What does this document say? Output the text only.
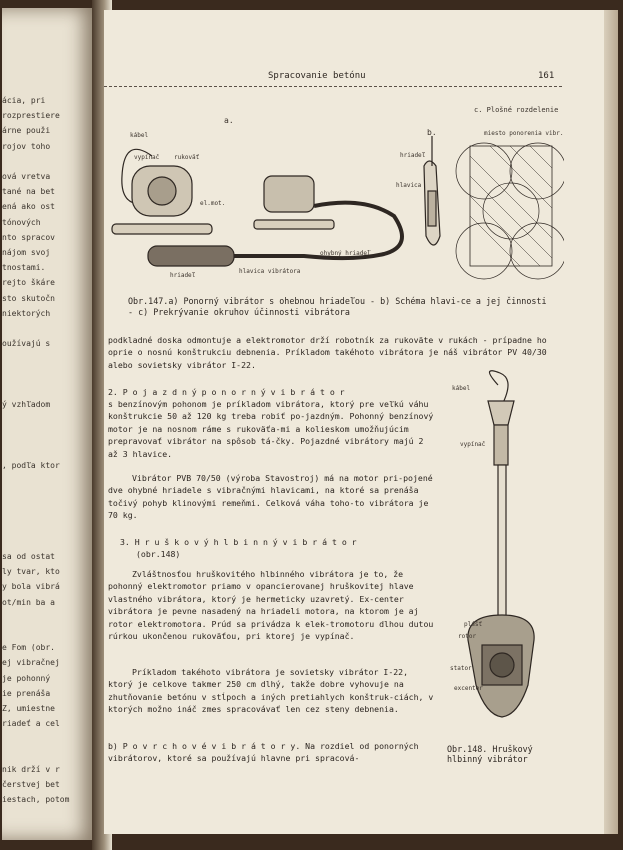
ácia, pri
rozprestiere
árne použi
rojov toho
ová vretva
tané na bet
ená ako ost
tónových
nto spracov
nájom svoj
tnostami.
rejto škáre
sto skutočn
niektorých
oužívajú s
ý vzhľadom
, podľa ktor
sa od ostat
ly tvar, kto
y bola vibrá
ot/min ba a
e Fom (obr.
ej vibračnej
je pohonný
ie prenáša
Z, umiestne
riadeť a cel
nik drží v r
čerstvej bet
iestach, potom
Spracovanie betónu	161
a.
b.
c. Plošné rozdelenie
miesto ponorenia vibr.
kábel
vypínač rukoväť
el.mot.
hriadeľ
hlavica vibrátora
ohybný hriadeľ
hriadeľ
hlavica
Obr.147.a) Ponorný vibrátor s ohebnou hriadeľou - b) Schéma hlavi-ce a jej činnosti - c) Prekrývanie okruhov účinnosti vibrátora
podkladné doska odmontuje a elektromotor drží robotník za rukoväte v rukách - prípadne ho oprie o nosnú konštrukciu debnenia. Príkladom takéhoto vibrátora je náš vibrátor PV 40/30 alebo sovietsky vibrátor I-22.
2. P o j a z d n ý p o n o r n ý v i b r á t o r
s benzínovým pohonom je príkladom vibrátora, ktorý pre veľkú váhu konštrukcie 50 až 120 kg treba robiť po-jazdným. Pohonný benzínový motor je na nosnom ráme s rukoväťa-mi a kolieskom umožňujúcim prepravovať vibrátor na spôsob tá-čky. Pojazdné vibrátory majú 2 až 3 hlavice.
Vibrátor PVB 70/50 (výroba Stavostroj) má na motor pri-pojené dve ohybné hriadele s vibračnými hlavicami, na ktoré sa prenáša točivý pohyb klinovými remeňmi. Celková váha toho-to vibrátora je 70 kg.
3. H r u š k o v ý h l b i n n ý v i b r á t o r
(obr.148)
Zvláštnosťou hruškovitého hlbinného vibrátora je to, že pohonný elektromotor priamo v opancierovanej hruškovitej hlave vlastného vibrátora, ktorý je hermeticky uzavretý. Ex-center vibrátora je pevne nasadený na hriadeli motora, na ktorom je aj rotor elektromotora. Prúd sa privádza k elek-tromotoru dlhou dutou rúrkou ukončenou rukoväťou, pri ktorej je vypínač.
Príkladom takéhoto vibrátora je sovietsky vibrátor I-22, ktorý je celkove takmer 250 cm dlhý, takže dobre vyhovuje na zhutňovanie betónu v stĺpoch a iných pretiahlych konštruk-ciách, v ktorých možno ináč zmes spracovávať len cez steny debnenia.
b) P o v r c h o v é v i b r á t o r y. Na rozdiel od ponorných vibrátorov, ktoré sa používajú hlavne pri spracová-
kábel
vypínač
plášť
rotor
stator
excenter
Obr.148. Hruškový
hlbinný vibrátor
